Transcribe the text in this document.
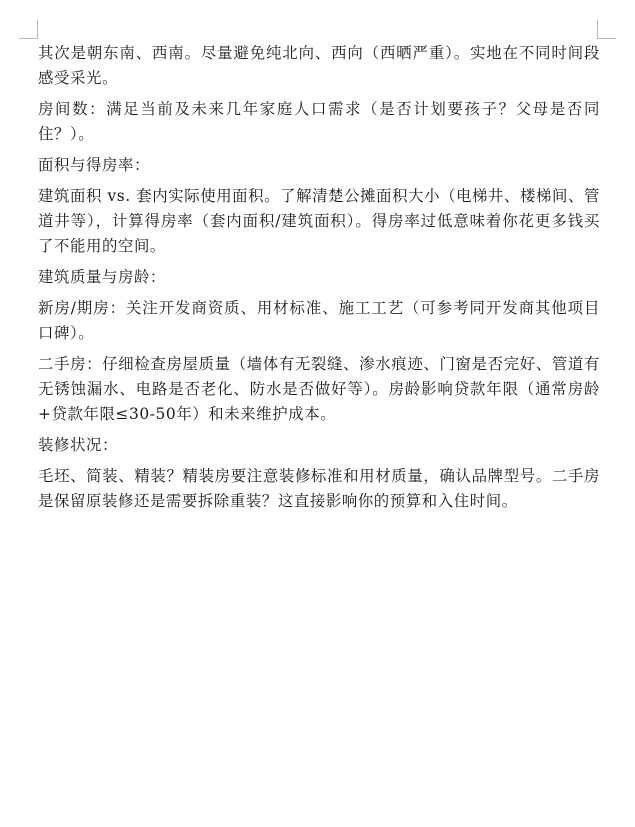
其次是朝东南、西南。尽量避免纯北向、西向（西晒严重）。实地在不同时间段感受采光。

房间数：满足当前及未来几年家庭人口需求（是否计划要孩子？父母是否同住？）。

面积与得房率：

建筑面积 vs. 套内实际使用面积。了解清楚公摊面积大小（电梯井、楼梯间、管道井等），计算得房率（套内面积/建筑面积）。得房率过低意味着你花更多钱买了不能用的空间。

建筑质量与房龄：

新房/期房：关注开发商资质、用材标准、施工工艺（可参考同开发商其他项目口碑）。

二手房：仔细检查房屋质量（墙体有无裂缝、渗水痕迹、门窗是否完好、管道有无锈蚀漏水、电路是否老化、防水是否做好等）。房龄影响贷款年限（通常房龄+贷款年限≤30-50年）和未来维护成本。

装修状况：

毛坯、简装、精装？精装房要注意装修标准和用材质量，确认品牌型号。二手房是保留原装修还是需要拆除重装？这直接影响你的预算和入住时间。
